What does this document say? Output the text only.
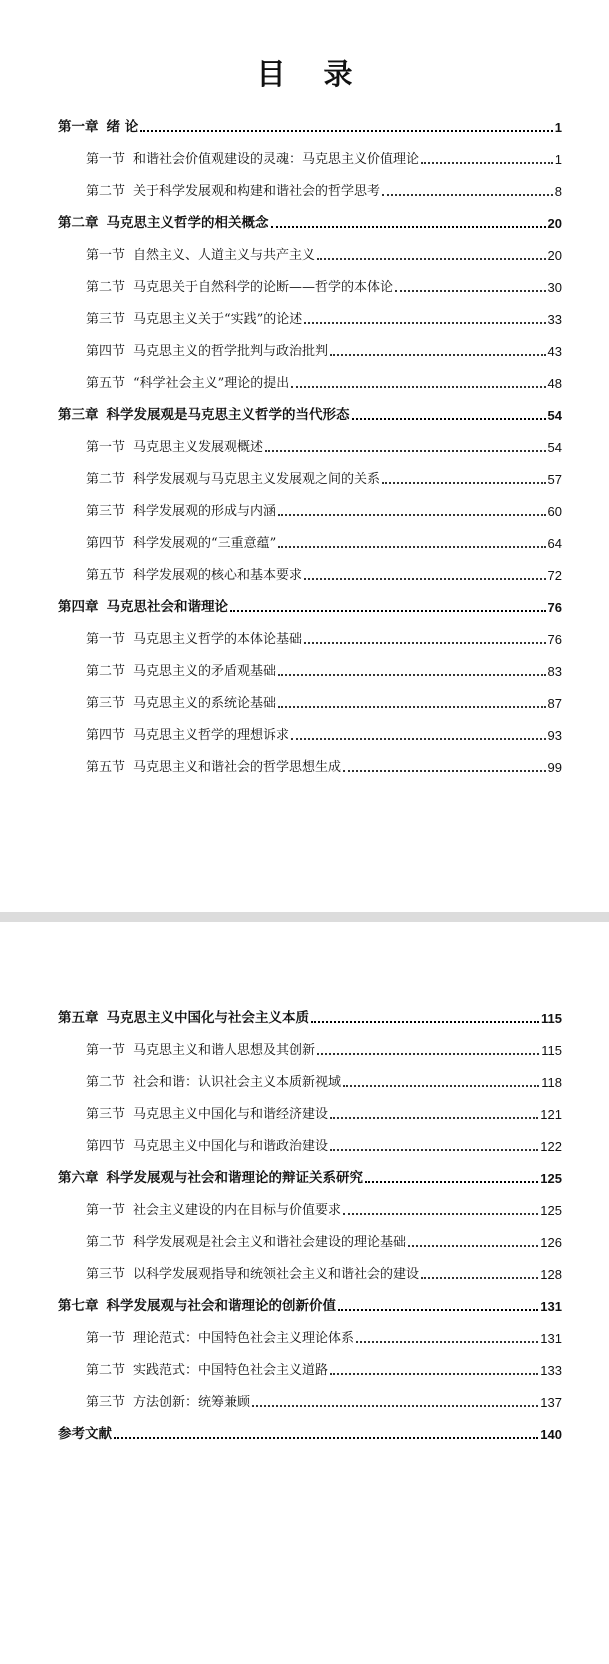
目 录
第一章 绪 论	1
第一节 和谐社会价值观建设的灵魂：马克思主义价值理论	1
第二节 关于科学发展观和构建和谐社会的哲学思考	8
第二章 马克思主义哲学的相关概念	20
第一节 自然主义、人道主义与共产主义	20
第二节 马克思关于自然科学的论断——哲学的本体论	30
第三节 马克思主义关于“实践”的论述	33
第四节 马克思主义的哲学批判与政治批判	43
第五节 “科学社会主义”理论的提出	48
第三章 科学发展观是马克思主义哲学的当代形态	54
第一节 马克思主义发展观概述	54
第二节 科学发展观与马克思主义发展观之间的关系	57
第三节 科学发展观的形成与内涵	60
第四节 科学发展观的“三重意蕴”	64
第五节 科学发展观的核心和基本要求	72
第四章 马克思社会和谐理论	76
第一节 马克思主义哲学的本体论基础	76
第二节 马克思主义的矛盾观基础	83
第三节 马克思主义的系统论基础	87
第四节 马克思主义哲学的理想诉求	93
第五节 马克思主义和谐社会的哲学思想生成	99
第五章 马克思主义中国化与社会主义本质	115
第一节 马克思主义和谐人思想及其创新	115
第二节 社会和谐：认识社会主义本质新视域	118
第三节 马克思主义中国化与和谐经济建设	121
第四节 马克思主义中国化与和谐政治建设	122
第六章 科学发展观与社会和谐理论的辩证关系研究	125
第一节 社会主义建设的内在目标与价值要求	125
第二节 科学发展观是社会主义和谐社会建设的理论基础	126
第三节 以科学发展观指导和统领社会主义和谐社会的建设	128
第七章 科学发展观与社会和谐理论的创新价值	131
第一节 理论范式：中国特色社会主义理论体系	131
第二节 实践范式：中国特色社会主义道路	133
第三节 方法创新：统筹兼顾	137
参考文献	140
